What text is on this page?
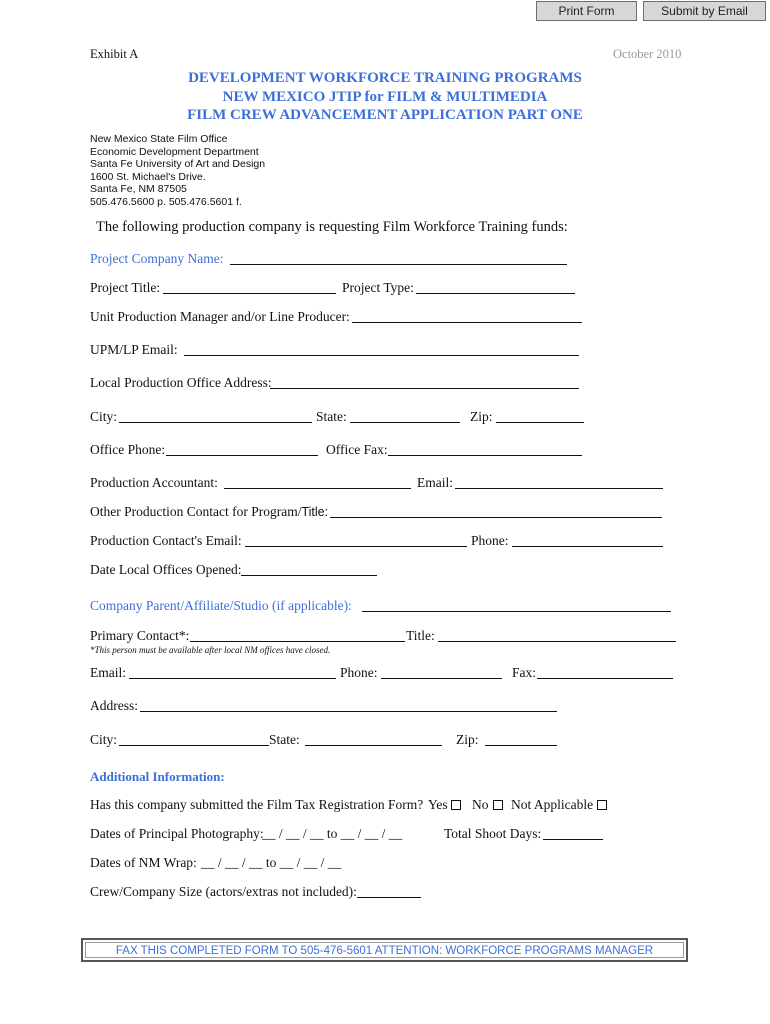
Print Form	Submit by Email
Exhibit A	October 2010
DEVELOPMENT WORKFORCE TRAINING PROGRAMS
NEW MEXICO JTIP for FILM & MULTIMEDIA
FILM CREW ADVANCEMENT APPLICATION PART ONE
New Mexico State Film Office
Economic Development Department
Santa Fe University of Art and Design
1600 St. Michael's Drive.
Santa Fe, NM 87505
505.476.5600 p. 505.476.5601 f.
The following production company is requesting Film Workforce Training funds:
Project Company Name:
Project Title:	Project Type:
Unit Production Manager and/or Line Producer:
UPM/LP Email:
Local Production Office Address:
City:	State:	Zip:
Office Phone:	Office Fax:
Production Accountant:	Email:
Other Production Contact for Program/Title:
Production Contact's Email:	Phone:
Date Local Offices Opened:
Company Parent/Affiliate/Studio (if applicable):
Primary Contact*:	Title:
*This person must be available after local NM offices have closed.
Email:	Phone:	Fax:
Address:
City:	State:	Zip:
Additional Information:
Has this company submitted the Film Tax Registration Form? Yes No Not Applicable
Dates of Principal Photography:
__ / __ / __ to __ / __ / __	Total Shoot Days:
Dates of NM Wrap: __ / __ / __ to __ / __ / __
Crew/Company Size (actors/extras not included):
FAX THIS COMPLETED FORM TO 505-476-5601 ATTENTION: WORKFORCE PROGRAMS MANAGER
